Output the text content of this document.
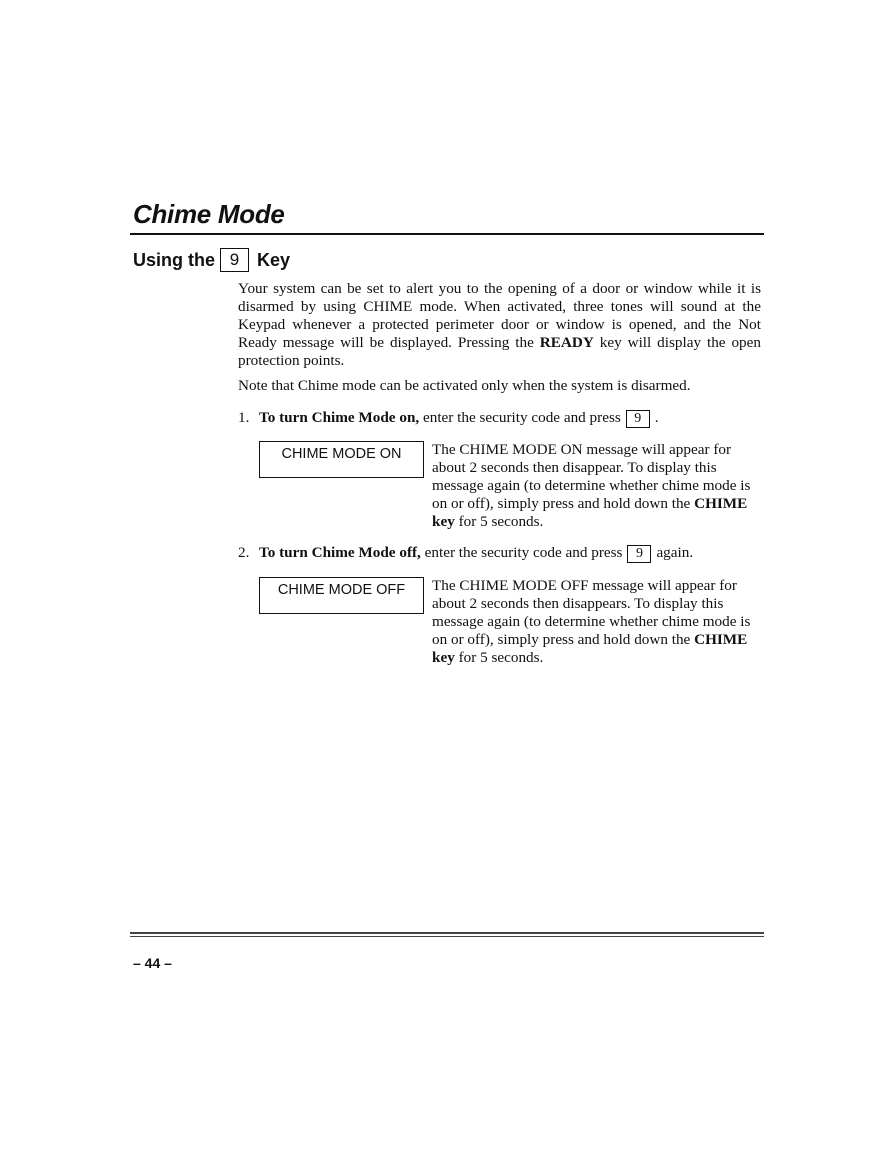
Chime Mode
Using the 9 Key
Your system can be set to alert you to the opening of a door or window while it is disarmed by using CHIME mode. When activated, three tones will sound at the Keypad whenever a protected perimeter door or window is opened, and the Not Ready message will be displayed. Pressing the READY key will display the open protection points.
Note that Chime mode can be activated only when the system is disarmed.
1. To turn Chime Mode on, enter the security code and press 9 .
CHIME MODE ON	The CHIME MODE ON message will appear for about 2 seconds then disappear. To display this message again (to determine whether chime mode is on or off), simply press and hold down the CHIME key for 5 seconds.
2. To turn Chime Mode off, enter the security code and press 9 again.
CHIME MODE OFF	The CHIME MODE OFF message will appear for about 2 seconds then disappears. To display this message again (to determine whether chime mode is on or off), simply press and hold down the CHIME key for 5 seconds.
– 44 –
